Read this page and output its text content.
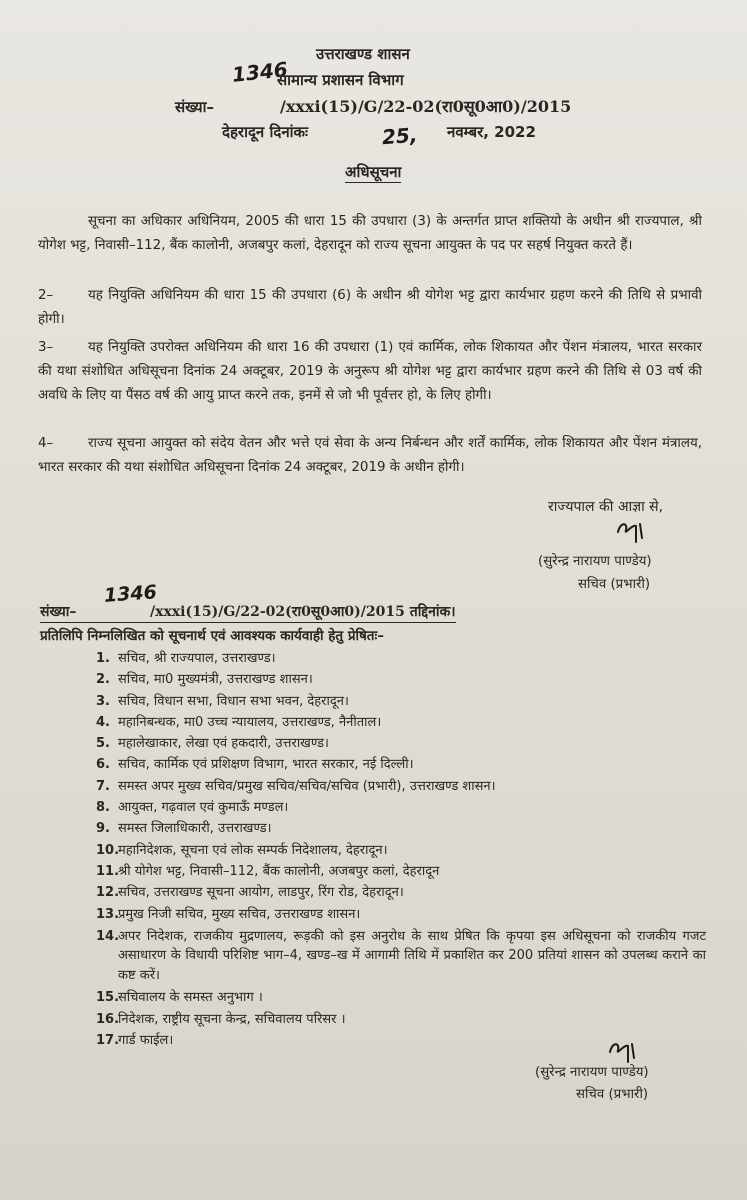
उत्तराखण्ड शासन
1346
सामान्य प्रशासन विभाग
संख्या–	/xxxi(15)/G/22-02(रा0सू0आ0)/2015
देहरादून दिनांकः	25, नवम्बर, 2022
अधिसूचना
सूचना का अधिकार अधिनियम, 2005 की धारा 15 की उपधारा (3) के अन्तर्गत प्राप्त शक्तियो के अधीन श्री राज्यपाल, श्री योगेश भट्ट, निवासी–112, बैंक कालोनी, अजबपुर कलां, देहरादून को राज्य सूचना आयुक्त के पद पर सहर्ष नियुक्त करते हैं।
2–	यह नियुक्ति अधिनियम की धारा 15 की उपधारा (6) के अधीन श्री योगेश भट्ट द्वारा कार्यभार ग्रहण करने की तिथि से प्रभावी होगी।
3–	यह नियुक्ति उपरोक्त अधिनियम की धारा 16 की उपधारा (1) एवं कार्मिक, लोक शिकायत और पेंशन मंत्रालय, भारत सरकार की यथा संशोधित अधिसूचना दिनांक 24 अक्टूबर, 2019 के अनुरूप श्री योगेश भट्ट द्वारा कार्यभार ग्रहण करने की तिथि से 03 वर्ष की अवधि के लिए या पैंसठ वर्ष की आयु प्राप्त करने तक, इनमें से जो भी पूर्वत्तर हो, के लिए होगी।
4–	राज्य सूचना आयुक्त को संदेय वेतन और भत्ते एवं सेवा के अन्य निर्बन्धन और शर्तें कार्मिक, लोक शिकायत और पेंशन मंत्रालय, भारत सरकार की यथा संशोधित अधिसूचना दिनांक 24 अक्टूबर, 2019 के अधीन होगी।
राज्यपाल की आज्ञा से,
(सुरेन्द्र नारायण पाण्डेय)
सचिव (प्रभारी)
1346
संख्या–	/xxxi(15)/G/22-02(रा0सू0आ0)/2015 तद्दिनांक।
प्रतिलिपि निम्नलिखित को सूचनार्थ एवं आवश्यक कार्यवाही हेतु प्रेषितः–
1. सचिव, श्री राज्यपाल, उत्तराखण्ड।
2. सचिव, मा0 मुख्यमंत्री, उत्तराखण्ड शासन।
3. सचिव, विधान सभा, विधान सभा भवन, देहरादून।
4. महानिबन्धक, मा0 उच्च न्यायालय, उत्तराखण्ड, नैनीताल।
5. महालेखाकार, लेखा एवं हकदारी, उत्तराखण्ड।
6. सचिव, कार्मिक एवं प्रशिक्षण विभाग, भारत सरकार, नई दिल्ली।
7. समस्त अपर मुख्य सचिव/प्रमुख सचिव/सचिव/सचिव (प्रभारी), उत्तराखण्ड शासन।
8. आयुक्त, गढ़वाल एवं कुमाऊँ मण्डल।
9. समस्त जिलाधिकारी, उत्तराखण्ड।
10.
महानिदेशक, सूचना एवं लोक सम्पर्क निदेशालय, देहरादून।
11.
श्री योगेश भट्ट, निवासी–112, बैंक कालोनी, अजबपुर कलां, देहरादून
12.
सचिव, उत्तराखण्ड सूचना आयोग, लाडपुर, रिंग रोड, देहरादून।
13.
प्रमुख निजी सचिव, मुख्य सचिव, उत्तराखण्ड शासन।
14.
अपर निदेशक, राजकीय मुद्रणालय, रूड़की को इस अनुरोध के साथ प्रेषित कि कृपया इस अधिसूचना को राजकीय गजट असाधारण के विधायी परिशिष्ट भाग–4, खण्ड–ख में आगामी तिथि में प्रकाशित कर 200 प्रतियां शासन को उपलब्ध कराने का कष्ट करें।
15.
सचिवालय के समस्त अनुभाग ।
16.
निदेशक, राष्ट्रीय सूचना केन्द्र, सचिवालय परिसर ।
17.
गार्ड फाईल।
(सुरेन्द्र नारायण पाण्डेय)
सचिव (प्रभारी)
